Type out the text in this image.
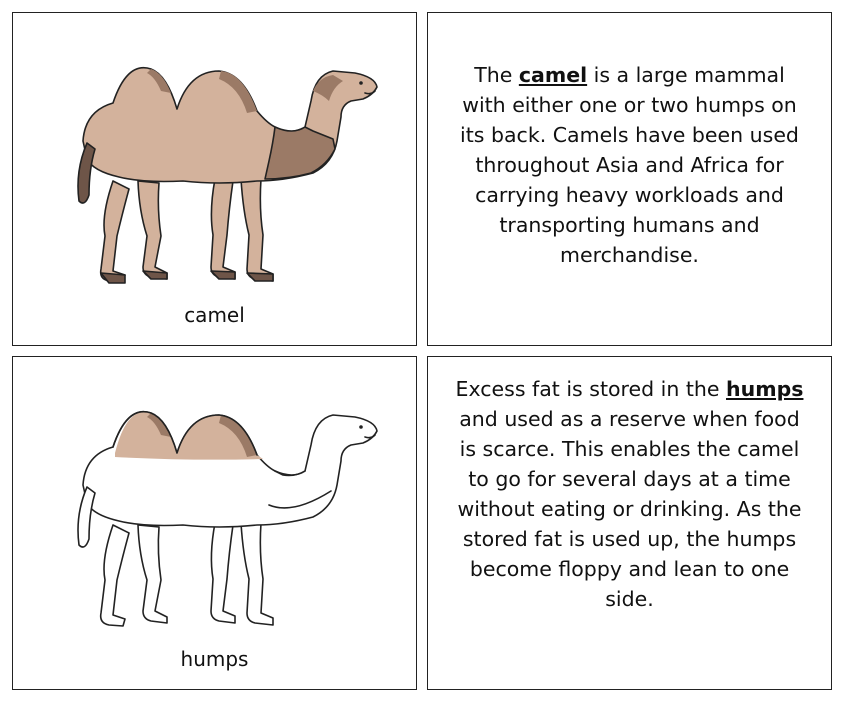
camel
The camel is a large mammal with either one or two humps on its back. Camels have been used throughout Asia and Africa for carrying heavy workloads and transporting humans and merchandise.
humps
Excess fat is stored in the humps and used as a reserve when food is scarce. This enables the camel to go for several days at a time without eating or drinking. As the stored fat is used up, the humps become floppy and lean to one side.
